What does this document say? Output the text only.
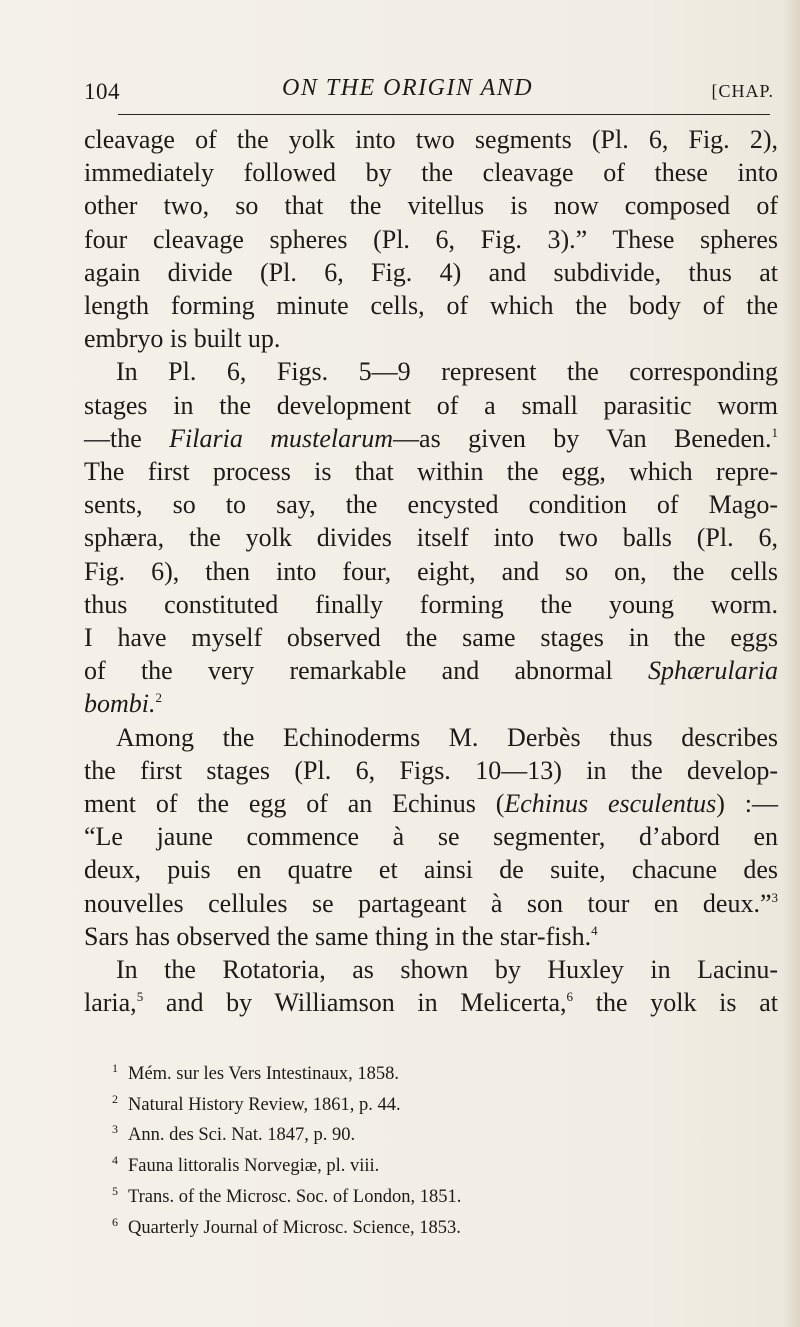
104	ON THE ORIGIN AND	[CHAP.
cleavage of the yolk into two segments (Pl. 6, Fig. 2),
immediately followed by the cleavage of these into
other two, so that the vitellus is now composed of
four cleavage spheres (Pl. 6, Fig. 3).” These spheres
again divide (Pl. 6, Fig. 4) and subdivide, thus at
length forming minute cells, of which the body of the
embryo is built up.
In Pl. 6, Figs. 5—9 represent the corresponding
stages in the development of a small parasitic worm
—the Filaria mustelarum—as given by Van Beneden.$^1$
The first process is that within the egg, which repre-
sents, so to say, the encysted condition of Mago-
sphæra, the yolk divides itself into two balls (Pl. 6,
Fig. 6), then into four, eight, and so on, the cells
thus constituted finally forming the young worm.
I have myself observed the same stages in the eggs
of the very remarkable and abnormal Sphærularia
bombi.$^2$
Among the Echinoderms M. Derbès thus describes
the first stages (Pl. 6, Figs. 10—13) in the develop-
ment of the egg of an Echinus (Echinus esculentus) :—
“Le jaune commence à se segmenter, d’abord en
deux, puis en quatre et ainsi de suite, chacune des
nouvelles cellules se partageant à son tour en deux.”$^3$
Sars has observed the same thing in the star-fish.$^4$
In the Rotatoria, as shown by Huxley in Lacinu-
laria,$^5$ and by Williamson in Melicerta,$^6$ the yolk is at
1 Mém. sur les Vers Intestinaux, 1858.
2 Natural History Review, 1861, p. 44.
3 Ann. des Sci. Nat. 1847, p. 90.
4 Fauna littoralis Norvegiæ, pl. viii.
5 Trans. of the Microsc. Soc. of London, 1851.
6 Quarterly Journal of Microsc. Science, 1853.
